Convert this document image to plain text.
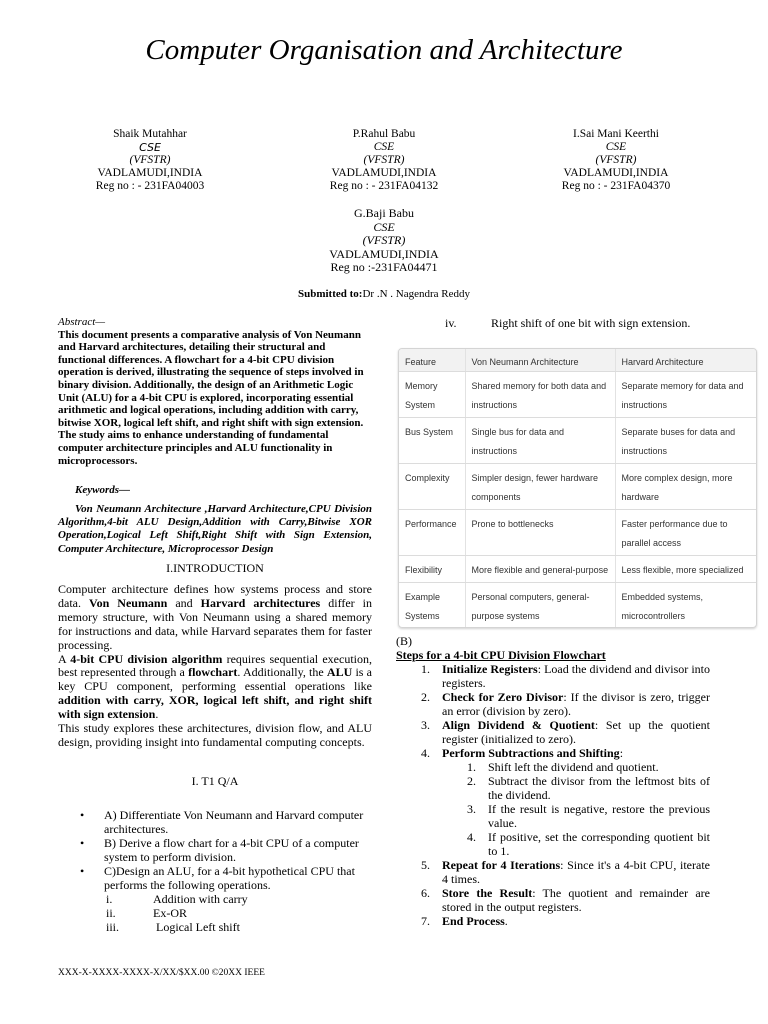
Computer Organisation and Architecture
Shaik Mutahhar
CSE
(VFSTR)
VADLAMUDI,INDIA
Reg no : - 231FA04003
P.Rahul Babu
CSE
(VFSTR)
VADLAMUDI,INDIA
Reg no : - 231FA04132
I.Sai Mani Keerthi
CSE
(VFSTR)
VADLAMUDI,INDIA
Reg no : - 231FA04370
G.Baji Babu
CSE
(VFSTR)
VADLAMUDI,INDIA
Reg no :-231FA04471
Submitted to:Dr .N . Nagendra Reddy
Abstract—
This document presents a comparative analysis of Von Neumann and Harvard architectures, detailing their structural and functional differences. A flowchart for a 4-bit CPU division operation is derived, illustrating the sequence of steps involved in binary division. Additionally, the design of an Arithmetic Logic Unit (ALU) for a 4-bit CPU is explored, incorporating essential arithmetic and logical operations, including addition with carry, bitwise XOR, logical left shift, and right shift with sign extension. The study aims to enhance understanding of fundamental computer architecture principles and ALU functionality in microprocessors.
Keywords—
Von Neumann Architecture ,Harvard Architecture,CPU Division Algorithm,4-bit ALU Design,Addition with Carry,Bitwise XOR Operation,Logical Left Shift,Right Shift with Sign Extension, Computer Architecture, Microprocessor Design
I.INTRODUCTION

Computer architecture defines how systems process and store data. Von Neumann and Harvard architectures differ in memory structure, with Von Neumann using a shared memory for instructions and data, while Harvard separates them for faster processing.

A 4-bit CPU division algorithm requires sequential execution, best represented through a flowchart. Additionally, the ALU is a key CPU component, performing essential operations like addition with carry, XOR, logical left shift, and right shift with sign extension.

This study explores these architectures, division flow, and ALU design, providing insight into fundamental computing concepts.

I. T1 Q/A
• A) Differentiate Von Neumann and Harvard computer architectures.
• B) Derive a flow chart for a 4-bit CPU of a computer system to perform division.
• C)Design an ALU, for a 4-bit hypothetical CPU that performs the following operations.
i.	Addition with carry
ii.	Ex-OR
iii.	Logical Left shift
XXX-X-XXXX-XXXX-X/XX/$XX.00 ©20XX IEEE
iv.	Right shift of one bit with sign extension.
Feature	Von Neumann Architecture	Harvard Architecture
Memory System	Shared memory for both data and instructions	Separate memory for data and instructions
Bus System	Single bus for data and instructions	Separate buses for data and instructions
Complexity	Simpler design, fewer hardware components	More complex design, more hardware
Performance	Prone to bottlenecks	Faster performance due to parallel access
Flexibility	More flexible and general-purpose	Less flexible, more specialized
Example Systems	Personal computers, general-purpose systems	Embedded systems, microcontrollers
(B)
Steps for a 4-bit CPU Division Flowchart
1. Initialize Registers: Load the dividend and divisor into registers.
2. Check for Zero Divisor: If the divisor is zero, trigger an error (division by zero).
3. Align Dividend & Quotient: Set up the quotient register (initialized to zero).
4. Perform Subtractions and Shifting:
1. Shift left the dividend and quotient.
2. Subtract the divisor from the leftmost bits of the dividend.
3. If the result is negative, restore the previous value.
4. If positive, set the corresponding quotient bit to 1.
5. Repeat for 4 Iterations: Since it's a 4-bit CPU, iterate 4 times.
6. Store the Result: The quotient and remainder are stored in the output registers.
7. End Process.
